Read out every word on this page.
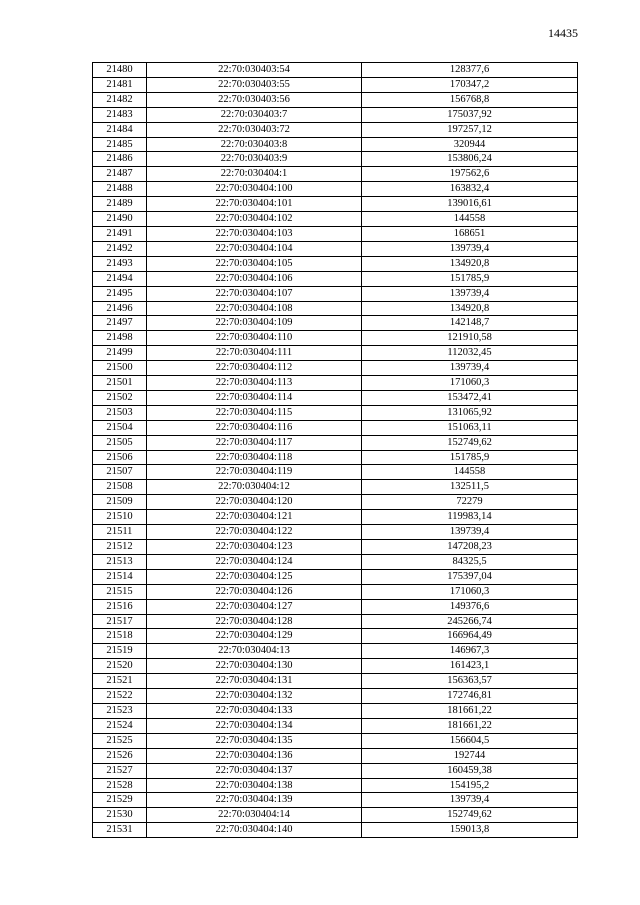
14435
21480	22:70:030403:54	128377,6
21481	22:70:030403:55	170347,2
21482	22:70:030403:56	156768,8
21483	22:70:030403:7	175037,92
21484	22:70:030403:72	197257,12
21485	22:70:030403:8	320944
21486	22:70:030403:9	153806,24
21487	22:70:030404:1	197562,6
21488	22:70:030404:100	163832,4
21489	22:70:030404:101	139016,61
21490	22:70:030404:102	144558
21491	22:70:030404:103	168651
21492	22:70:030404:104	139739,4
21493	22:70:030404:105	134920,8
21494	22:70:030404:106	151785,9
21495	22:70:030404:107	139739,4
21496	22:70:030404:108	134920,8
21497	22:70:030404:109	142148,7
21498	22:70:030404:110	121910,58
21499	22:70:030404:111	112032,45
21500	22:70:030404:112	139739,4
21501	22:70:030404:113	171060,3
21502	22:70:030404:114	153472,41
21503	22:70:030404:115	131065,92
21504	22:70:030404:116	151063,11
21505	22:70:030404:117	152749,62
21506	22:70:030404:118	151785,9
21507	22:70:030404:119	144558
21508	22:70:030404:12	132511,5
21509	22:70:030404:120	72279
21510	22:70:030404:121	119983,14
21511	22:70:030404:122	139739,4
21512	22:70:030404:123	147208,23
21513	22:70:030404:124	84325,5
21514	22:70:030404:125	175397,04
21515	22:70:030404:126	171060,3
21516	22:70:030404:127	149376,6
21517	22:70:030404:128	245266,74
21518	22:70:030404:129	166964,49
21519	22:70:030404:13	146967,3
21520	22:70:030404:130	161423,1
21521	22:70:030404:131	156363,57
21522	22:70:030404:132	172746,81
21523	22:70:030404:133	181661,22
21524	22:70:030404:134	181661,22
21525	22:70:030404:135	156604,5
21526	22:70:030404:136	192744
21527	22:70:030404:137	160459,38
21528	22:70:030404:138	154195,2
21529	22:70:030404:139	139739,4
21530	22:70:030404:14	152749,62
21531	22:70:030404:140	159013,8
